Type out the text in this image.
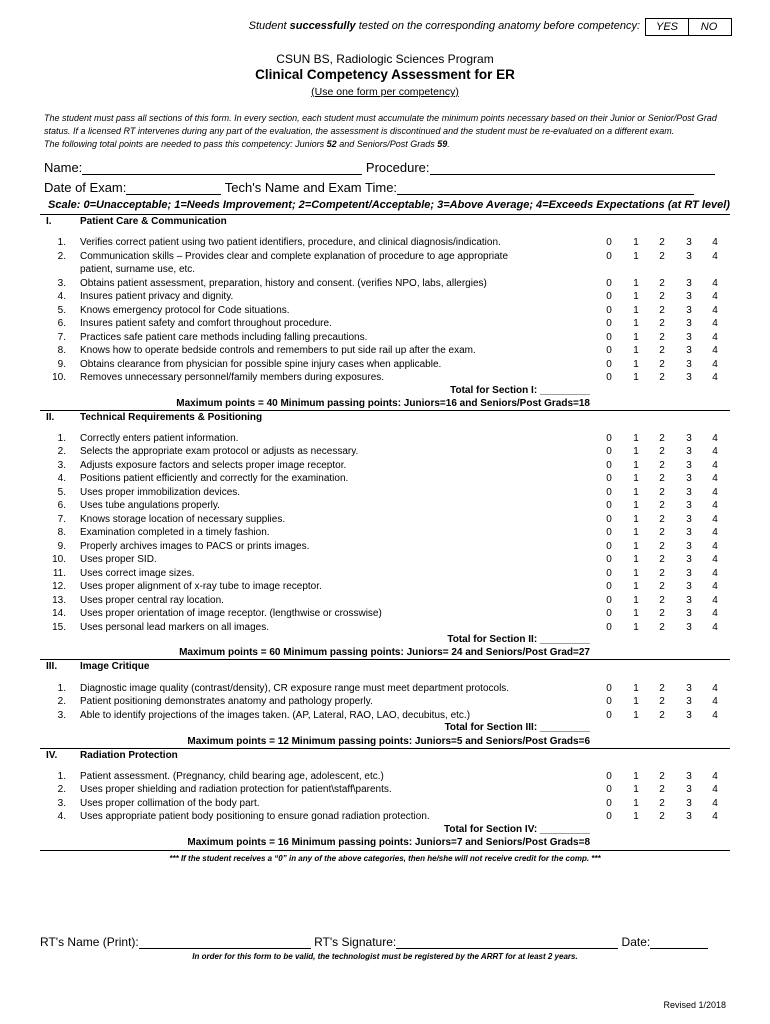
Student successfully tested on the corresponding anatomy before competency:	YES	NO
CSUN BS, Radiologic Sciences Program
Clinical Competency Assessment for ER
(Use one form per competency)
The student must pass all sections of this form. In every section, each student must accumulate the minimum points necessary based on their Junior or Senior/Post Grad status. If a licensed RT intervenes during any part of the evaluation, the assessment is discontinued and the student must be re-evaluated on a different exam.
The following total points are needed to pass this competency: Juniors 52 and Seniors/Post Grads 59.
Name:	Procedure:
Date of Exam:	Tech's Name and Exam Time:
Scale: 0=Unacceptable; 1=Needs Improvement; 2=Competent/Acceptable; 3=Above Average; 4=Exceeds Expectations (at RT level)
I.	Patient Care & Communication
1. Verifies correct patient using two patient identifiers, procedure, and clinical diagnosis/indication.	0 1 2 3 4
2. Communication skills – Provides clear and complete explanation of procedure to age appropriate	0 1 2 3 4
patient, surname use, etc.
3. Obtains patient assessment, preparation, history and consent. (verifies NPO, labs, allergies)	0 1 2 3 4
4. Insures patient privacy and dignity.	0 1 2 3 4
5. Knows emergency protocol for Code situations.	0 1 2 3 4
6. Insures patient safety and comfort throughout procedure.	0 1 2 3 4
7. Practices safe patient care methods including falling precautions.	0 1 2 3 4
8. Knows how to operate bedside controls and remembers to put side rail up after the exam.	0 1 2 3 4
9. Obtains clearance from physician for possible spine injury cases when applicable.	0 1 2 3 4
10. Removes unnecessary personnel/family members during exposures.	0 1 2 3 4
Total for Section I: _________
Maximum points = 40 Minimum passing points: Juniors=16 and Seniors/Post Grads=18
II.	Technical Requirements & Positioning
1. Correctly enters patient information.	0 1 2 3 4
2. Selects the appropriate exam protocol or adjusts as necessary.	0 1 2 3 4
3. Adjusts exposure factors and selects proper image receptor.	0 1 2 3 4
4. Positions patient efficiently and correctly for the examination.	0 1 2 3 4
5. Uses proper immobilization devices.	0 1 2 3 4
6. Uses tube angulations properly.	0 1 2 3 4
7. Knows storage location of necessary supplies.	0 1 2 3 4
8. Examination completed in a timely fashion.	0 1 2 3 4
9. Properly archives images to PACS or prints images.	0 1 2 3 4
10. Uses proper SID.	0 1 2 3 4
11. Uses correct image sizes.	0 1 2 3 4
12. Uses proper alignment of x-ray tube to image receptor.	0 1 2 3 4
13. Uses proper central ray location.	0 1 2 3 4
14. Uses proper orientation of image receptor. (lengthwise or crosswise)	0 1 2 3 4
15. Uses personal lead markers on all images.	0 1 2 3 4
Total for Section II: _________
Maximum points = 60 Minimum passing points: Juniors= 24 and Seniors/Post Grad=27
III. Image Critique
1. Diagnostic image quality (contrast/density), CR exposure range must meet department protocols.	0 1 2 3 4
2. Patient positioning demonstrates anatomy and pathology properly.	0 1 2 3 4
3. Able to identify projections of the images taken. (AP, Lateral, RAO, LAO, decubitus, etc.)	0 1 2 3 4
Total for Section III: _________
Maximum points = 12 Minimum passing points: Juniors=5 and Seniors/Post Grads=6
IV. Radiation Protection
1. Patient assessment. (Pregnancy, child bearing age, adolescent, etc.)	0 1 2 3 4
2. Uses proper shielding and radiation protection for patient\staff\parents.	0 1 2 3 4
3. Uses proper collimation of the body part.	0 1 2 3 4
4. Uses appropriate patient body positioning to ensure gonad radiation protection.	0 1 2 3 4
Total for Section IV: _________
Maximum points = 16 Minimum passing points: Juniors=7 and Seniors/Post Grads=8
*** If the student receives a “0” in any of the above categories, then he/she will not receive credit for the comp. ***
RT's Name (Print):	RT's Signature:	Date:
In order for this form to be valid, the technologist must be registered by the ARRT for at least 2 years.
Revised 1/2018
